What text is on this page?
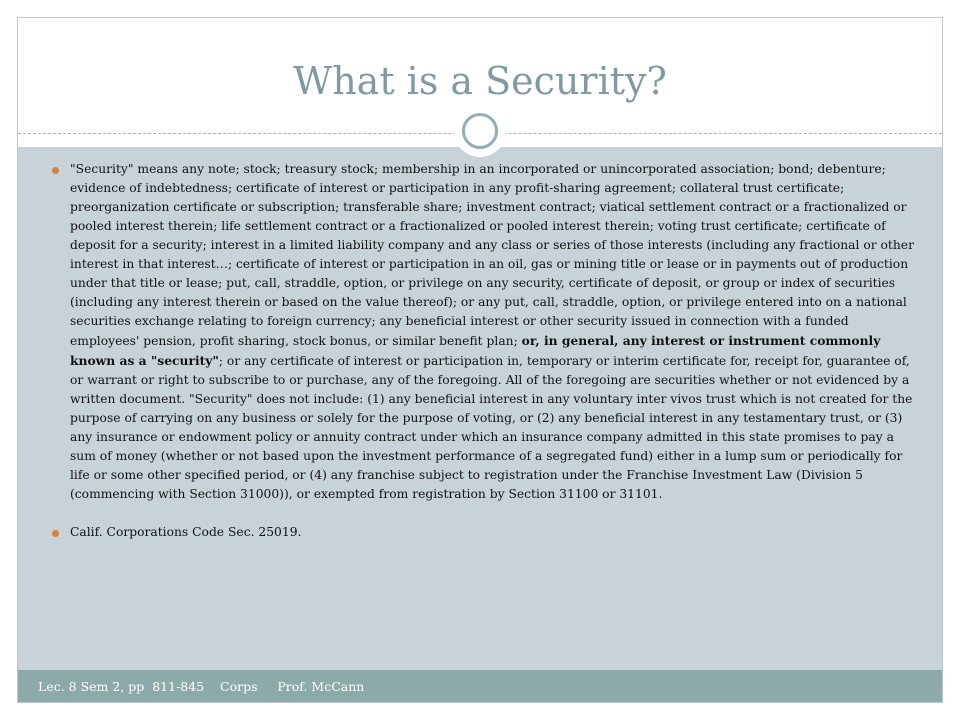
What is a Security?
"Security" means any note; stock; treasury stock; membership in an incorporated or unincorporated association; bond; debenture; evidence of indebtedness; certificate of interest or participation in any profit-sharing agreement; collateral trust certificate; preorganization certificate or subscription; transferable share; investment contract; viatical settlement contract or a fractionalized or pooled interest therein; life settlement contract or a fractionalized or pooled interest therein; voting trust certificate; certificate of deposit for a security; interest in a limited liability company and any class or series of those interests (including any fractional or other interest in that interest…; certificate of interest or participation in an oil, gas or mining title or lease or in payments out of production under that title or lease; put, call, straddle, option, or privilege on any security, certificate of deposit, or group or index of securities (including any interest therein or based on the value thereof); or any put, call, straddle, option, or privilege entered into on a national securities exchange relating to foreign currency; any beneficial interest or other security issued in connection with a funded employees' pension, profit sharing, stock bonus, or similar benefit plan; or, in general, any interest or instrument commonly known as a "security"; or any certificate of interest or participation in, temporary or interim certificate for, receipt for, guarantee of, or warrant or right to subscribe to or purchase, any of the foregoing. All of the foregoing are securities whether or not evidenced by a written document. "Security" does not include: (1) any beneficial interest in any voluntary inter vivos trust which is not created for the purpose of carrying on any business or solely for the purpose of voting, or (2) any beneficial interest in any testamentary trust, or (3) any insurance or endowment policy or annuity contract under which an insurance company admitted in this state promises to pay a sum of money (whether or not based upon the investment performance of a segregated fund) either in a lump sum or periodically for life or some other specified period, or (4) any franchise subject to registration under the Franchise Investment Law (Division 5 (commencing with Section 31000)), or exempted from registration by Section 31100 or 31101.
Calif. Corporations Code Sec. 25019.
Lec. 8 Sem 2, pp  811-845    Corps     Prof. McCann
